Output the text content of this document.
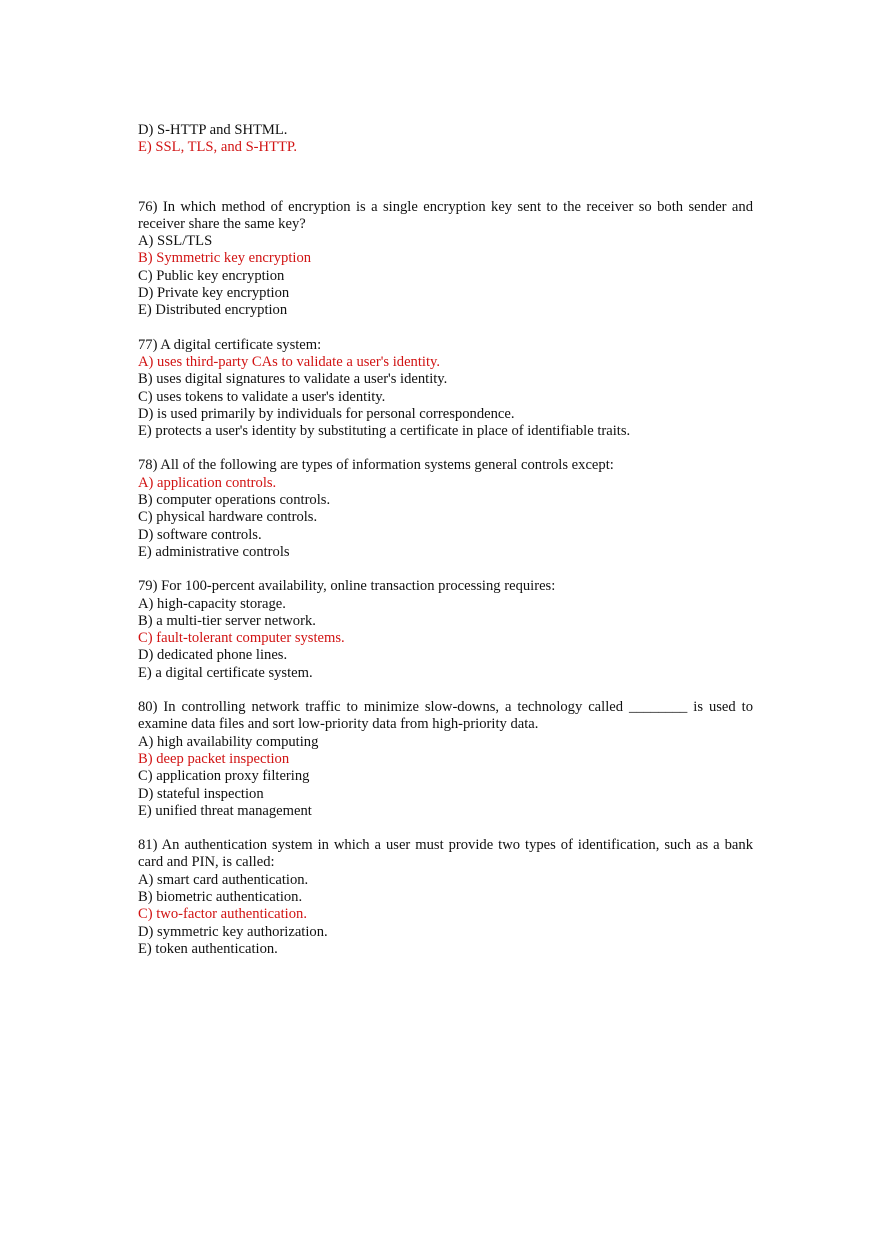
D) S-HTTP and SHTML.
E) SSL, TLS, and S-HTTP.
76) In which method of encryption is a single encryption key sent to the receiver so both sender and receiver share the same key?
A) SSL/TLS
B) Symmetric key encryption
C) Public key encryption
D) Private key encryption
E) Distributed encryption
77) A digital certificate system:
A) uses third-party CAs to validate a user's identity.
B) uses digital signatures to validate a user's identity.
C) uses tokens to validate a user's identity.
D) is used primarily by individuals for personal correspondence.
E) protects a user's identity by substituting a certificate in place of identifiable traits.
78) All of the following are types of information systems general controls except:
A) application controls.
B) computer operations controls.
C) physical hardware controls.
D) software controls.
E) administrative controls
79) For 100-percent availability, online transaction processing requires:
A) high-capacity storage.
B) a multi-tier server network.
C) fault-tolerant computer systems.
D) dedicated phone lines.
E) a digital certificate system.
80) In controlling network traffic to minimize slow-downs, a technology called ________ is used to examine data files and sort low-priority data from high-priority data.
A) high availability computing
B) deep packet inspection
C) application proxy filtering
D) stateful inspection
E) unified threat management
81) An authentication system in which a user must provide two types of identification, such as a bank card and PIN, is called:
A) smart card authentication.
B) biometric authentication.
C) two-factor authentication.
D) symmetric key authorization.
E) token authentication.
